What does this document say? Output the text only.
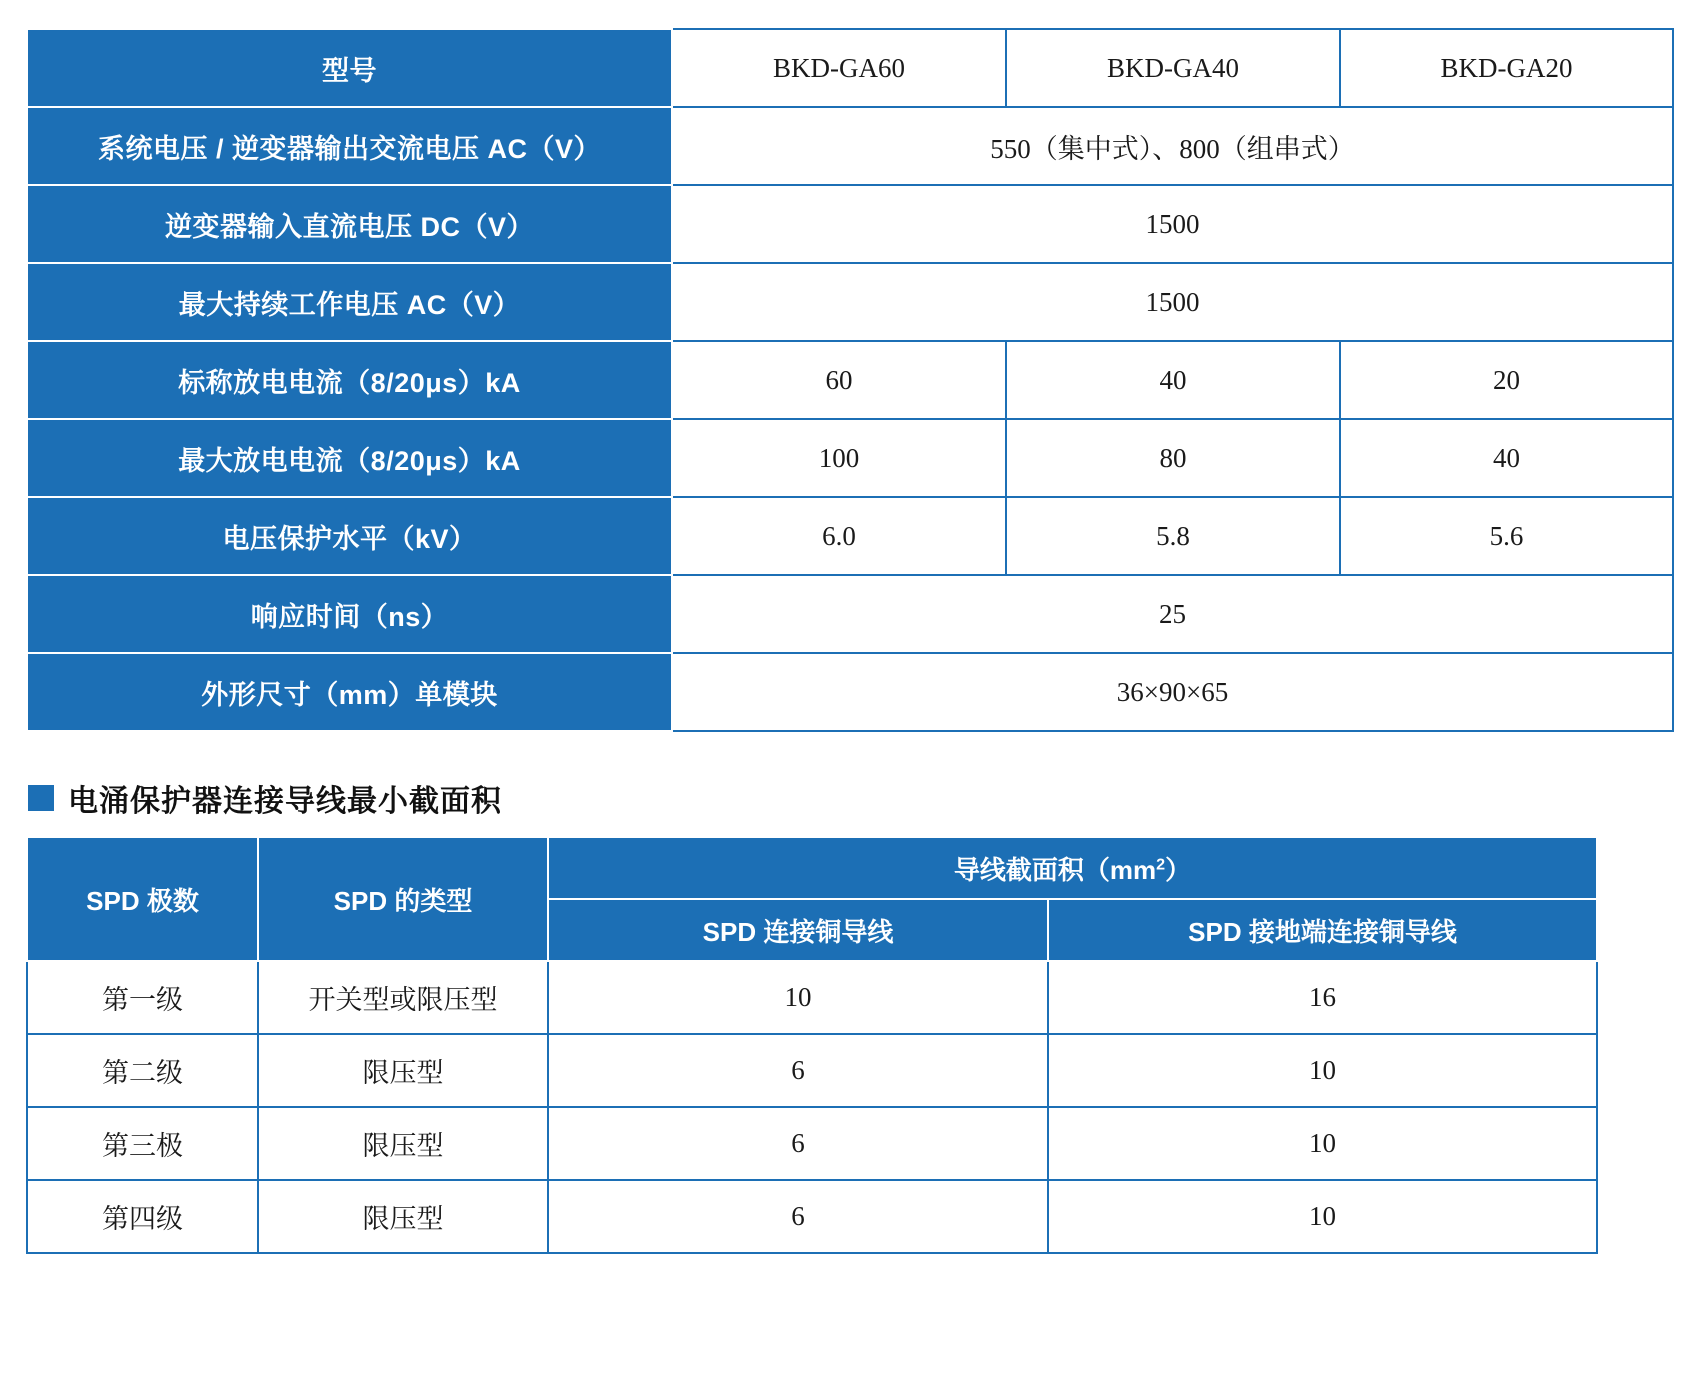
型号	BKD-GA60	BKD-GA40	BKD-GA20
系统电压 / 逆变器输出交流电压 AC（V）	550（集中式）、800（组串式）		
逆变器输入直流电压 DC（V）	1500		
最大持续工作电压 AC（V）	1500		
标称放电电流（8/20μs）kA	60	40	20
最大放电电流（8/20μs）kA	100	80	40
电压保护水平（kV）	6.0	5.8	5.6
响应时间（ns）	25		
外形尺寸（mm）单模块	36×90×65		
电涌保护器连接导线最小截面积
SPD 极数	SPD 的类型	导线截面积$(mm^2)$	
		SPD 连接铜导线	SPD 接地端连接铜导线
第一级	开关型或限压型	10	16
第二级	限压型	6	10
第三极	限压型	6	10
第四级	限压型	6	10
